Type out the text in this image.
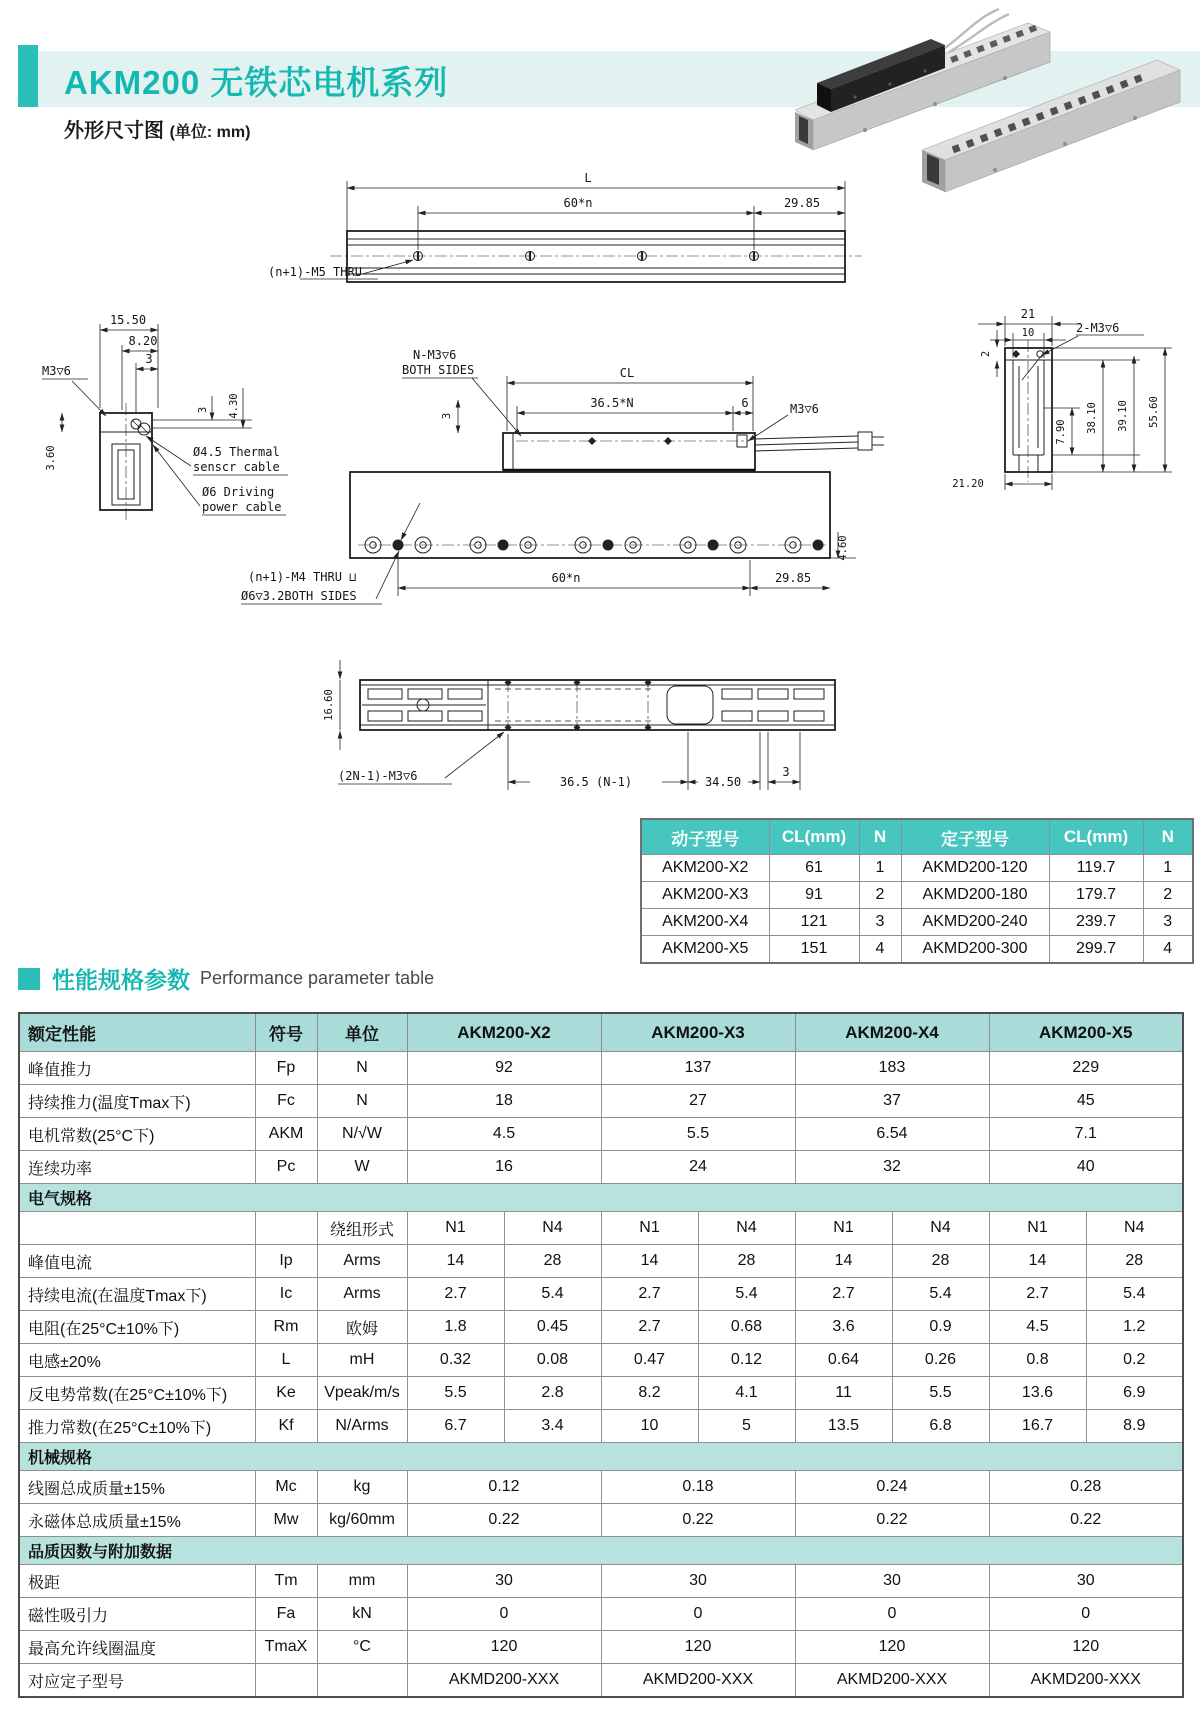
AKM200 无铁芯电机系列
外形尺寸图 (单位: mm)
L
60*n	29.85
(n+1)-M5 THRU
15.50
8.20
3
3 4.30
M3▽6
3.60	Ø4.5 Thermal
senscr cable
Ø6 Driving
power cable
N-M3▽6
BOTH SIDES	CL
36.5*N	6	M3▽6
3
(n+1)-M4 THRU ⊔
Ø6▽3.2BOTH SIDES
60*n	29.85
4.60
21
10
2
2-M3▽6
7.90 38.10 39.10 55.60
21.20
16.60
(2N-1)-M3▽6	36.5 (N-1)	34.50
3
动子型号	CL(mm)	N	定子型号	CL(mm)	N
AKM200-X2	61	1	AKMD200-120	119.7	1
AKM200-X3	91	2	AKMD200-180	179.7	2
AKM200-X4	121	3	AKMD200-240	239.7	3
AKM200-X5	151	4	AKMD200-300	299.7	4
性能规格参数 Performance parameter table
额定性能	符号	单位	AKM200-X2		AKM200-X3		AKM200-X4		AKM200-X5	
峰值推力	Fp	N	92		137		183		229	
持续推力(温度Tmax下)	Fc	N	18		27		37		45	
电机常数(25°C下)	AKM	N/√W	4.5		5.5		6.54		7.1	
连续功率	Pc	W	16		24		32		40	
电气规格										
		绕组形式	N1	N4	N1	N4	N1	N4	N1	N4
峰值电流	Ip	Arms	14	28	14	28	14	28	14	28
持续电流(在温度Tmax下)	Ic	Arms	2.7	5.4	2.7	5.4	2.7	5.4	2.7	5.4
电阻(在25°C±10%下)	Rm	欧姆	1.8	0.45	2.7	0.68	3.6	0.9	4.5	1.2
电感±20%	L	mH	0.32	0.08	0.47	0.12	0.64	0.26	0.8	0.2
反电势常数(在25°C±10%下)	Ke	Vpeak/m/s	5.5	2.8	8.2	4.1	11	5.5	13.6	6.9
推力常数(在25°C±10%下)	Kf	N/Arms	6.7	3.4	10	5	13.5	6.8	16.7	8.9
机械规格										
线圈总成质量±15%	Mc	kg	0.12		0.18		0.24		0.28	
永磁体总成质量±15%	Mw	kg/60mm	0.22		0.22		0.22		0.22	
品质因数与附加数据										
极距	Tm	mm	30		30		30		30	
磁性吸引力	Fa	kN	0		0		0		0	
最高允许线圈温度	TmaX	°C	120		120		120		120	
对应定子型号			AKMD200-XXX		AKMD200-XXX		AKMD200-XXX		AKMD200-XXX	
